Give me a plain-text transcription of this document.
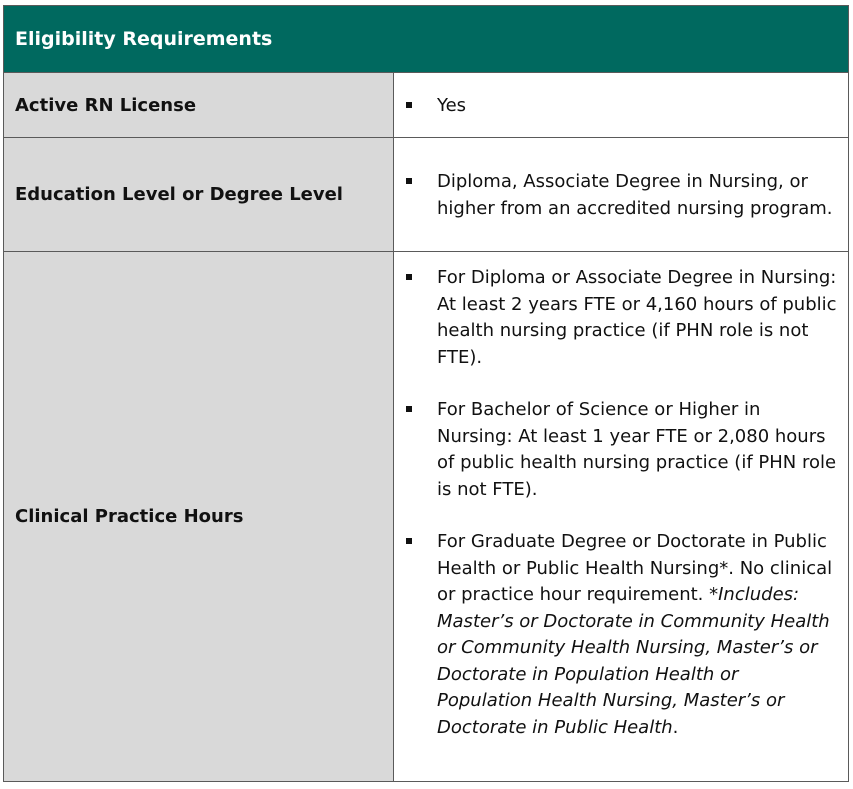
Eligibility Requirements
Active RN License	Yes
Education Level or Degree Level
Diploma, Associate Degree in Nursing, or higher from an accredited nursing program.
Clinical Practice Hours
For Diploma or Associate Degree in Nursing: At least 2 years FTE or 4,160 hours of public health nursing practice (if PHN role is not FTE).
For Bachelor of Science or Higher in Nursing: At least 1 year FTE or 2,080 hours of public health nursing practice (if PHN role is not FTE).
For Graduate Degree or Doctorate in Public Health or Public Health Nursing*. No clinical or practice hour requirement. *Includes: Master’s or Doctorate in Community Health or Community Health Nursing, Master’s or Doctorate in Population Health or Population Health Nursing, Master’s or Doctorate in Public Health.
